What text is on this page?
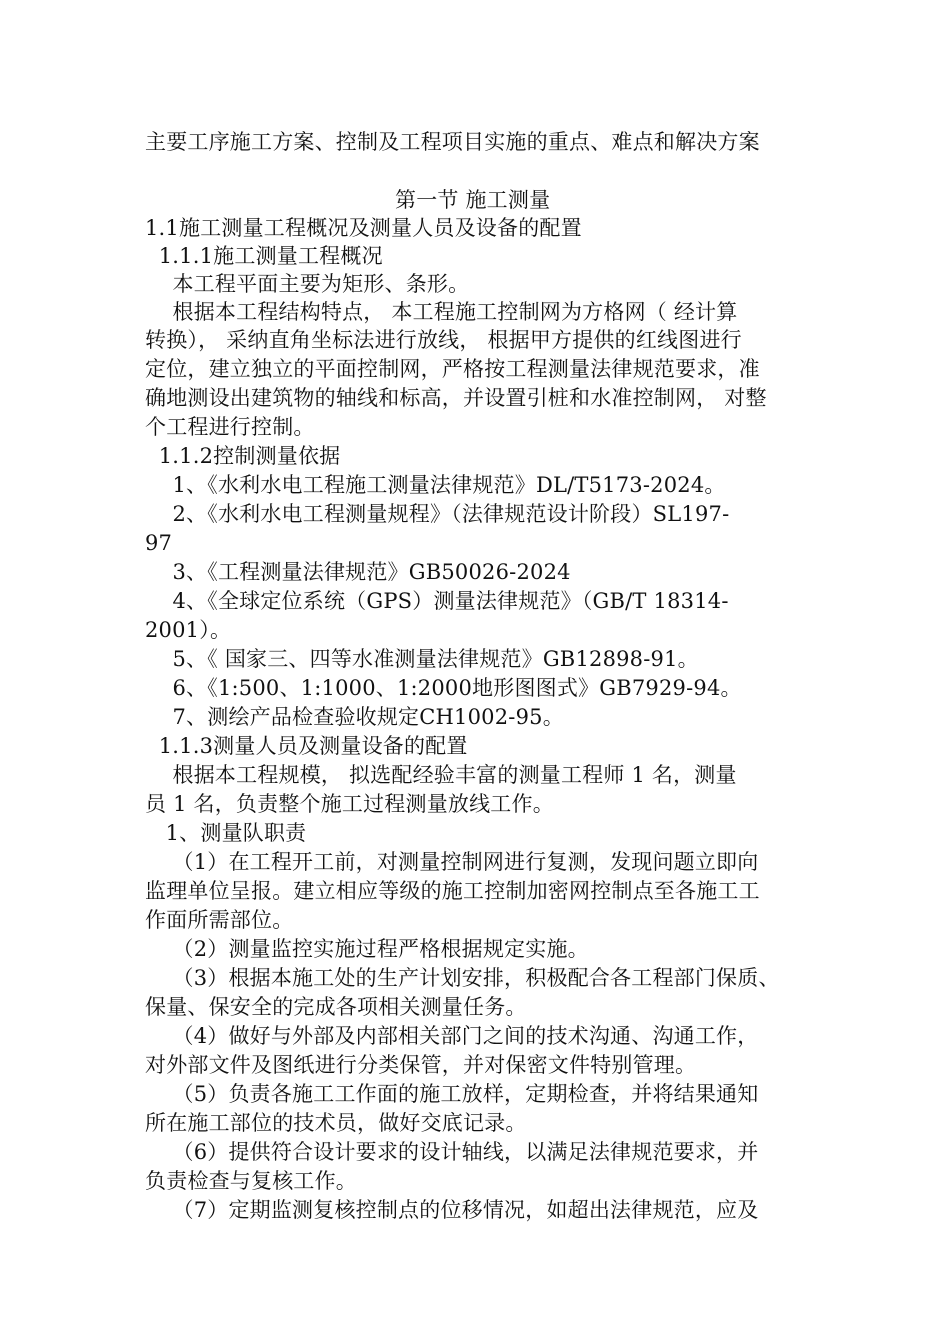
主要工序施工方案、控制及工程项目实施的重点、难点和解决方案
第一节 施工测量
1.1施工测量工程概况及测量人员及设备的配置
1.1.1施工测量工程概况
本工程平面主要为矩形、条形。
根据本工程结构特点， 本工程施工控制网为方格网（ 经计算
转换）， 采纳直角坐标法进行放线， 根据甲方提供的红线图进行
定位，建立独立的平面控制网，严格按工程测量法律规范要求，准
确地测设出建筑物的轴线和标高，并设置引桩和水准控制网， 对整
个工程进行控制。
1.1.2控制测量依据
1、《水利水电工程施工测量法律规范》DL/T5173-2024。
2、《水利水电工程测量规程》（法律规范设计阶段）SL197-
97
3、《工程测量法律规范》GB50026-2024
4、《全球定位系统（GPS）测量法律规范》（GB/T 18314-
2001）。
5、《 国家三、四等水准测量法律规范》GB12898-91。
6、《1:500、1:1000、1:2000地形图图式》GB7929-94。
7、测绘产品检查验收规定CH1002-95。
1.1.3测量人员及测量设备的配置
根据本工程规模， 拟选配经验丰富的测量工程师 1 名，测量
员 1 名，负责整个施工过程测量放线工作。
1、测量队职责
（1）在工程开工前，对测量控制网进行复测，发现问题立即向
监理单位呈报。建立相应等级的施工控制加密网控制点至各施工工
作面所需部位。
（2）测量监控实施过程严格根据规定实施。
（3）根据本施工处的生产计划安排，积极配合各工程部门保质、
保量、保安全的完成各项相关测量任务。
（4）做好与外部及内部相关部门之间的技术沟通、沟通工作，
对外部文件及图纸进行分类保管，并对保密文件特别管理。
（5）负责各施工工作面的施工放样，定期检查，并将结果通知
所在施工部位的技术员，做好交底记录。
（6）提供符合设计要求的设计轴线，以满足法律规范要求，并
负责检查与复核工作。
（7）定期监测复核控制点的位移情况，如超出法律规范，应及
